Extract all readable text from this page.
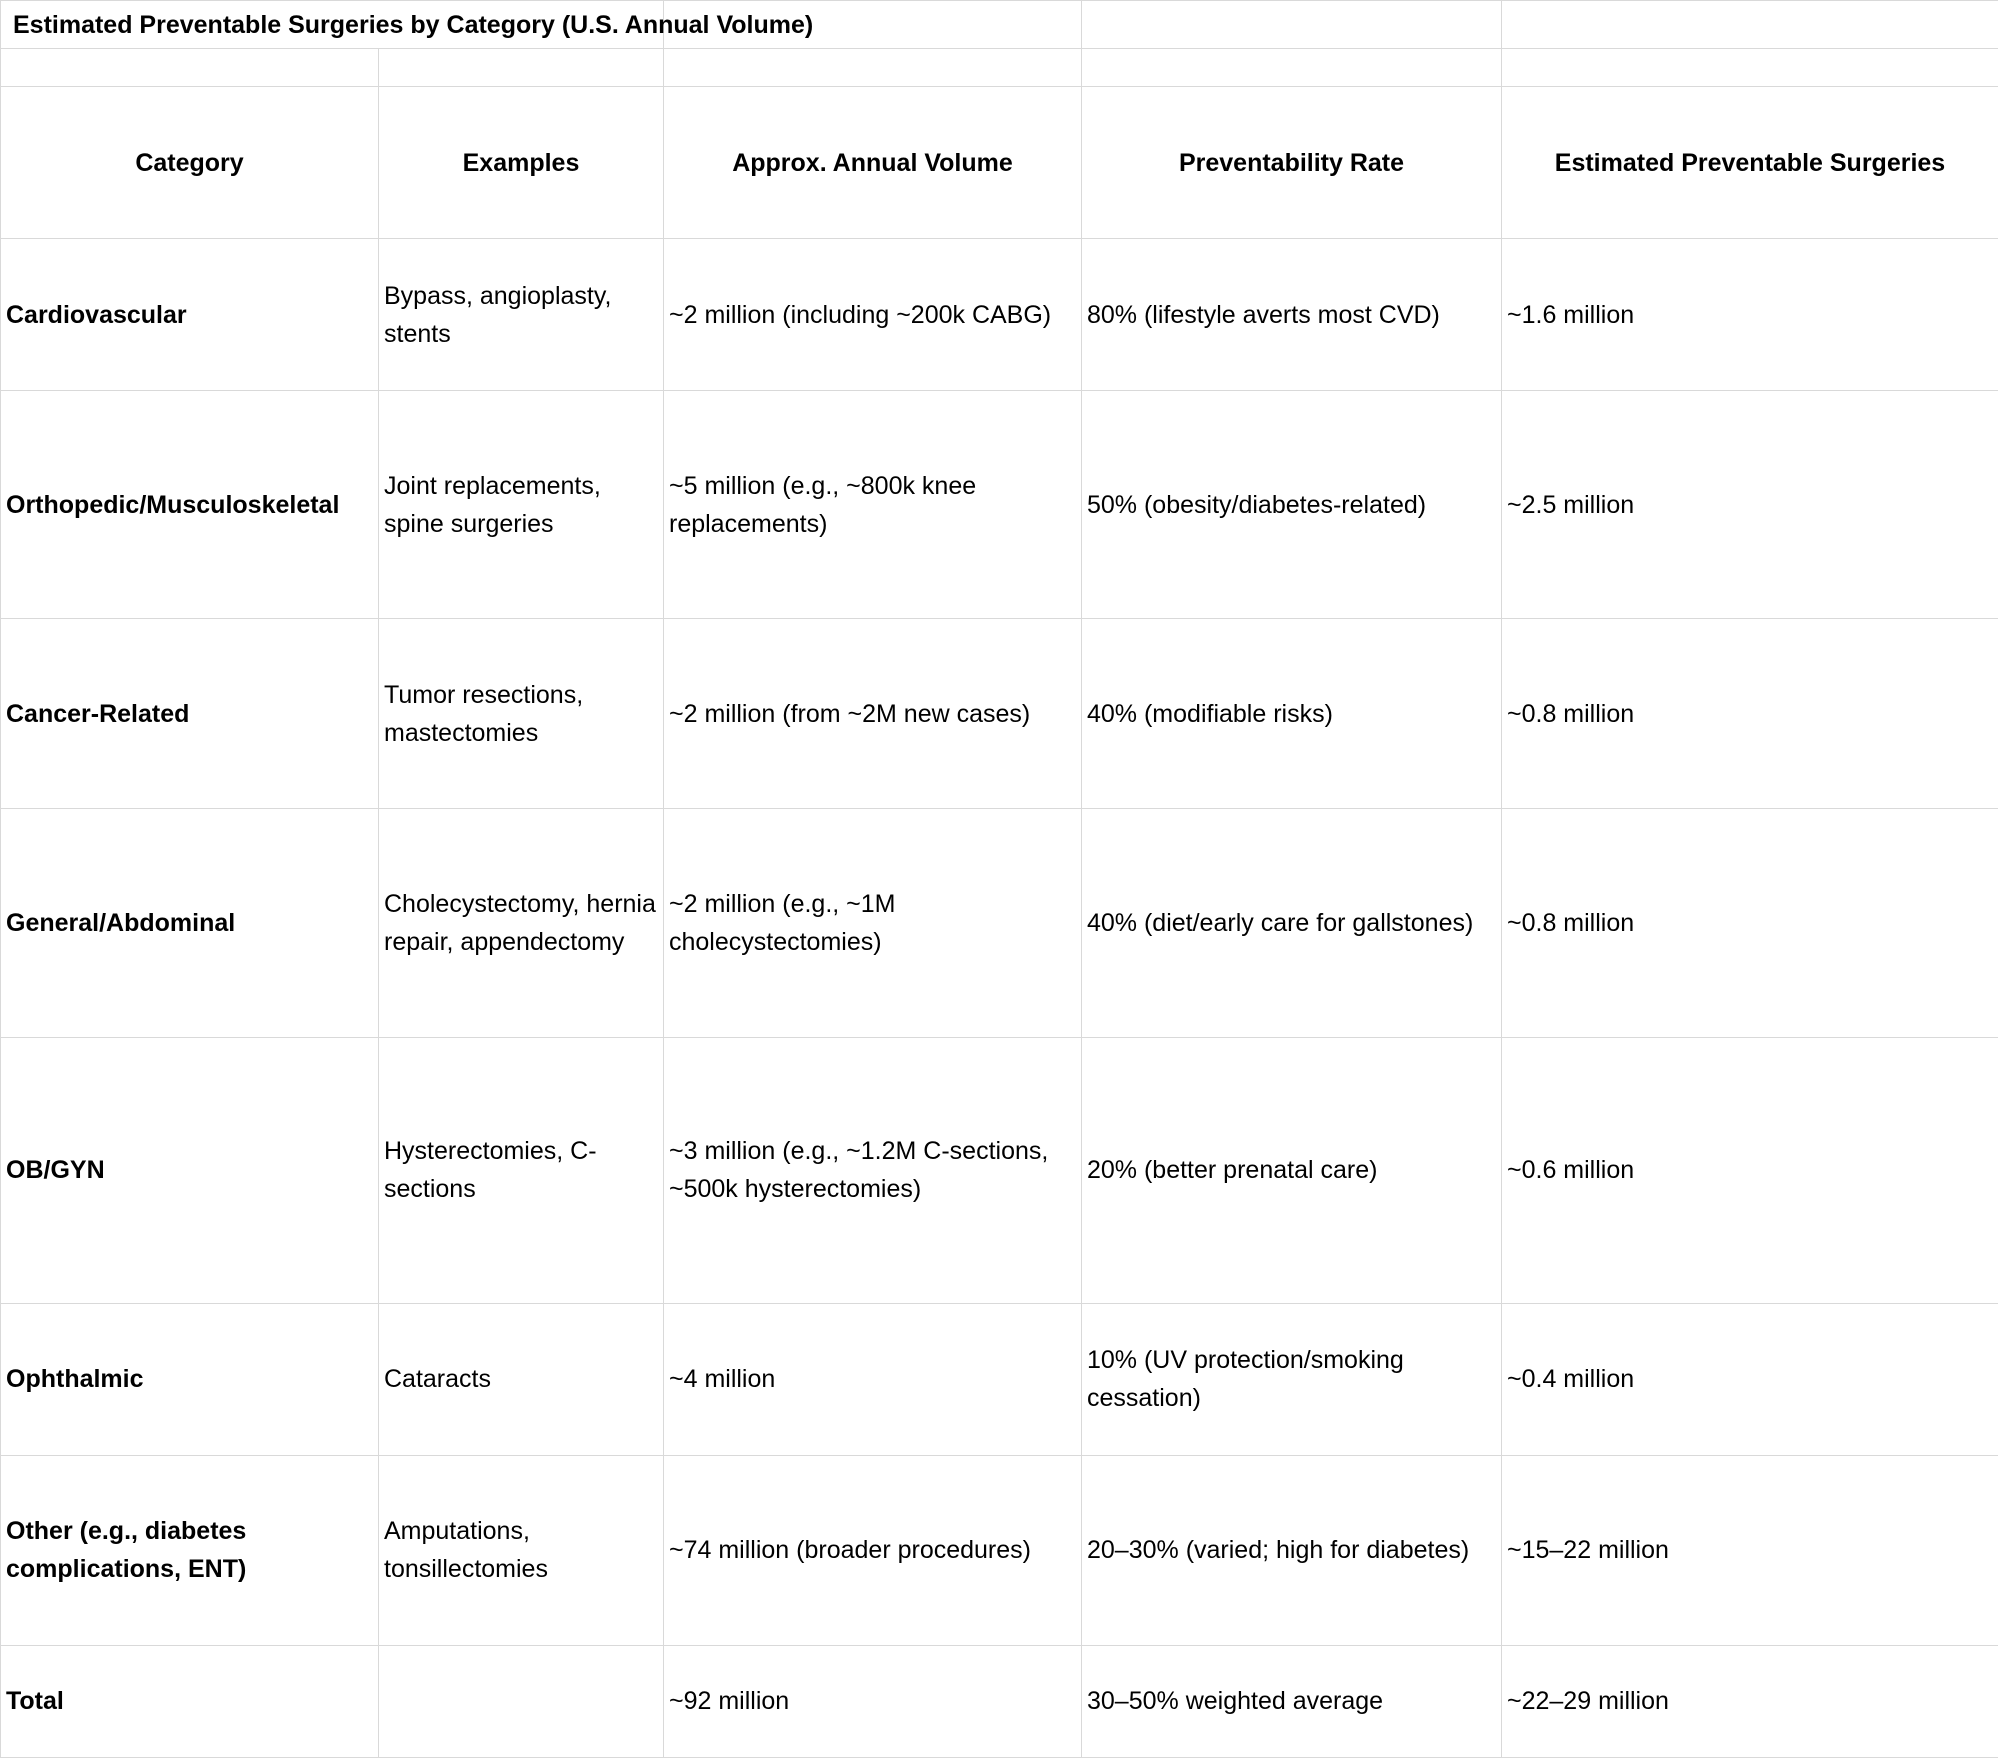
Estimated Preventable Surgeries by Category (U.S. Annual Volume)				

Category	Examples	Approx. Annual Volume	Preventability Rate	Estimated Preventable Surgeries
Cardiovascular	Bypass, angioplasty, stents	~2 million (including ~200k CABG)	80% (lifestyle averts most CVD)	~1.6 million
Orthopedic/Musculoskeletal	Joint replacements, spine surgeries	~5 million (e.g., ~800k knee replacements)	50% (obesity/diabetes-related)	~2.5 million
Cancer-Related	Tumor resections, mastectomies	~2 million (from ~2M new cases)	40% (modifiable risks)	~0.8 million
General/Abdominal	Cholecystectomy, hernia repair, appendectomy	~2 million (e.g., ~1M cholecystectomies)	40% (diet/early care for gallstones)	~0.8 million
OB/GYN	Hysterectomies, C-sections	~3 million (e.g., ~1.2M C-sections, ~500k hysterectomies)	20% (better prenatal care)	~0.6 million
Ophthalmic	Cataracts	~4 million	10% (UV protection/smoking cessation)	~0.4 million
Other (e.g., diabetes complications, ENT)	Amputations, tonsillectomies	~74 million (broader procedures)	20–30% (varied; high for diabetes)	~15–22 million
Total		~92 million	30–50% weighted average	~22–29 million
